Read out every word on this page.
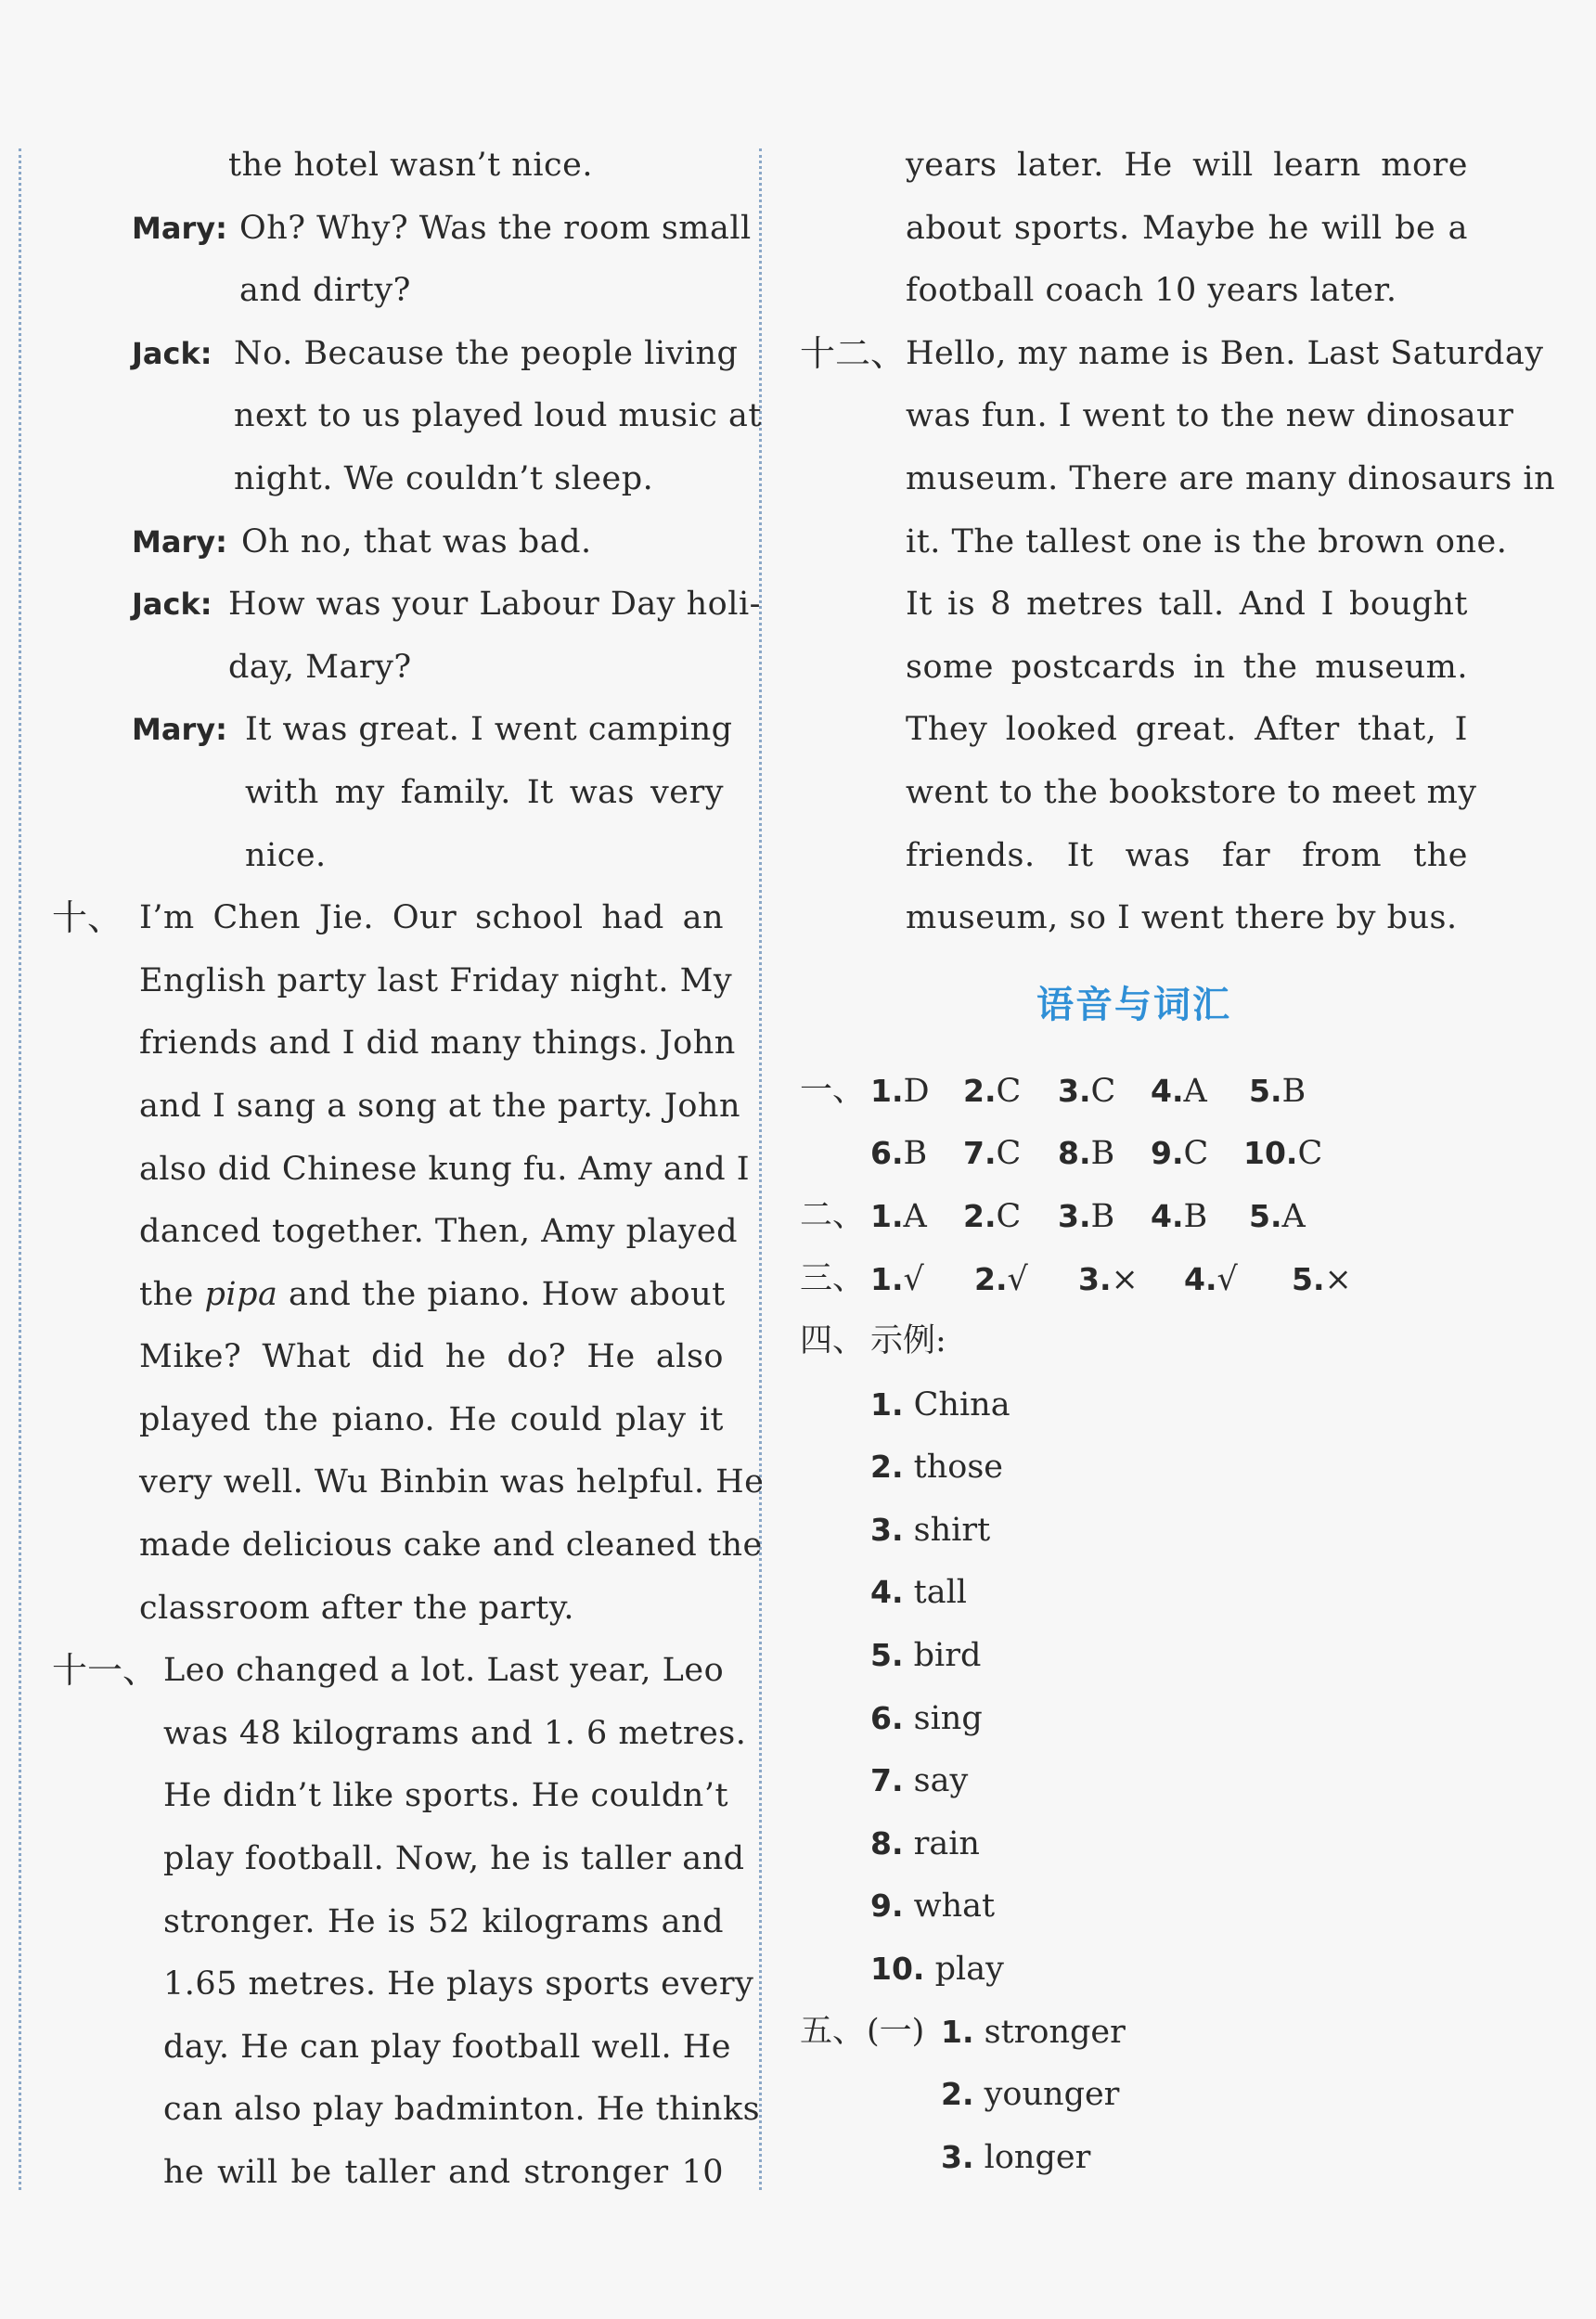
the hotel wasn’t nice.
Mary: Oh? Why? Was the room small
and dirty?
Jack: No. Because the people living
next to us played loud music at
night. We couldn’t sleep.
Mary: Oh no, that was bad.
Jack: How was your Labour Day holi-
day, Mary?
Mary: It was great. I went camping
with my family. It was very
nice.
十、 I’m Chen Jie. Our school had an
English party last Friday night. My
friends and I did many things. John
and I sang a song at the party. John
also did Chinese kung fu. Amy and I
danced together. Then, Amy played
the pipa and the piano. How about
Mike? What did he do? He also
played the piano. He could play it
very well. Wu Binbin was helpful. He
made delicious cake and cleaned the
classroom after the party.
十一、 Leo changed a lot. Last year, Leo
was 48 kilograms and 1. 6 metres.
He didn’t like sports. He couldn’t
play football. Now, he is taller and
stronger. He is 52 kilograms and
1.65 metres. He plays sports every
day. He can play football well. He
can also play badminton. He thinks
he will be taller and stronger 10
years later. He will learn more
about sports. Maybe he will be a
football coach 10 years later.
十二、 Hello, my name is Ben. Last Saturday
was fun. I went to the new dinosaur
museum. There are many dinosaurs in
it. The tallest one is the brown one.
It is 8 metres tall. And I bought
some postcards in the museum.
They looked great. After that, I
went to the bookstore to meet my
friends. It was far from the
museum, so I went there by bus.
语音与词汇
一、 1.D 2.C 3.C 4.A 5.B
6.B 7.C 8.B 9.C 10.C
二、 1.A 2.C 3.B 4.B 5.A
三、 1.√ 2.√ 3.× 4.√ 5.×
四、 示例:
1. China
2. those
3. shirt
4. tall
5. bird
6. sing
7. say
8. rain
9. what
10. play
五、 (一) 1. stronger
2. younger
3. longer
